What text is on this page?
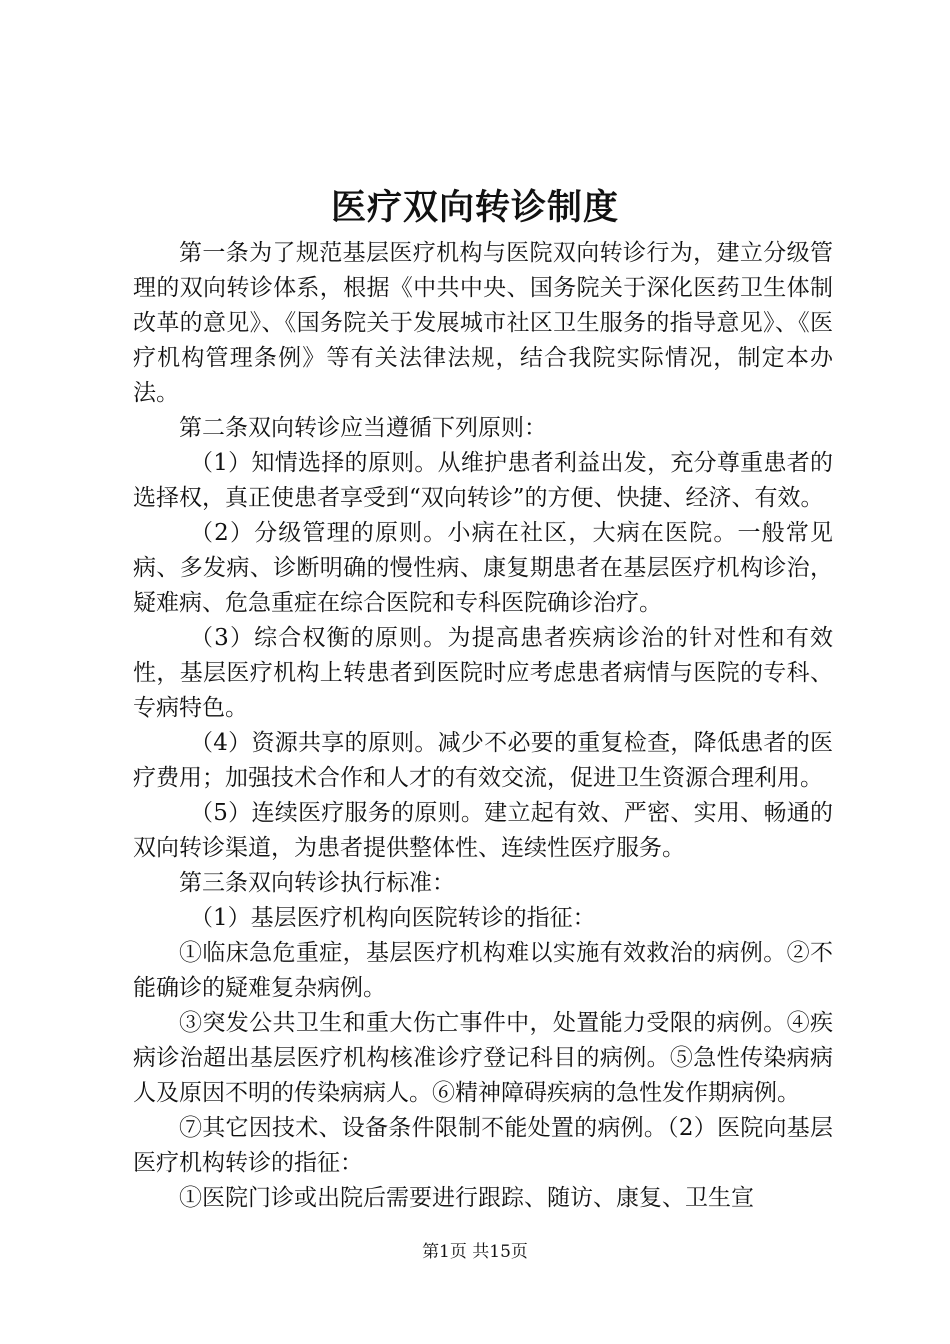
医疗双向转诊制度

第一条为了规范基层医疗机构与医院双向转诊行为，建立分级管理的双向转诊体系，根据《中共中央、国务院关于深化医药卫生体制改革的意见》、《国务院关于发展城市社区卫生服务的指导意见》、《医疗机构管理条例》等有关法律法规，结合我院实际情况，制定本办法。

第二条双向转诊应当遵循下列原则：

（1）知情选择的原则。从维护患者利益出发，充分尊重患者的选择权，真正使患者享受到“双向转诊”的方便、快捷、经济、有效。

（2）分级管理的原则。小病在社区，大病在医院。一般常见病、多发病、诊断明确的慢性病、康复期患者在基层医疗机构诊治，疑难病、危急重症在综合医院和专科医院确诊治疗。

（3）综合权衡的原则。为提高患者疾病诊治的针对性和有效性，基层医疗机构上转患者到医院时应考虑患者病情与医院的专科、专病特色。

（4）资源共享的原则。减少不必要的重复检查，降低患者的医疗费用；加强技术合作和人才的有效交流，促进卫生资源合理利用。

（5）连续医疗服务的原则。建立起有效、严密、实用、畅通的双向转诊渠道，为患者提供整体性、连续性医疗服务。

第三条双向转诊执行标准：

（1）基层医疗机构向医院转诊的指征：

①临床急危重症，基层医疗机构难以实施有效救治的病例。②不能确诊的疑难复杂病例。

③突发公共卫生和重大伤亡事件中，处置能力受限的病例。④疾病诊治超出基层医疗机构核准诊疗登记科目的病例。⑤急性传染病病人及原因不明的传染病病人。⑥精神障碍疾病的急性发作期病例。

⑦其它因技术、设备条件限制不能处置的病例。（2）医院向基层医疗机构转诊的指征：

①医院门诊或出院后需要进行跟踪、随访、康复、卫生宣

第1页 共15页
